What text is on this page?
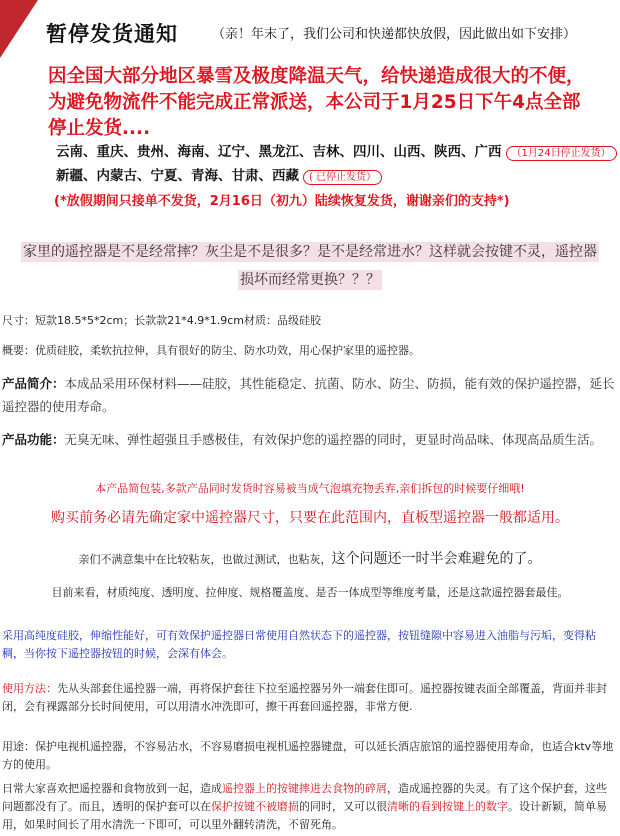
暂停发货通知	（亲！年末了，我们公司和快递都快放假，因此做出如下安排）
因全国大部分地区暴雪及极度降温天气，给快递造成很大的不便，为避免物流件不能完成正常派送，本公司于1月25日下午4点全部停止发货....
云南、重庆、贵州、海南、辽宁、黑龙江、吉林、四川、山西、陕西、广西 （1月24日停止发货）
新疆、内蒙古、宁夏、青海、甘肃、西藏 ( 已停止发货）
(*放假期间只接单不发货，2月16日（初九）陆续恢复发货，谢谢亲们的支持*)
家里的遥控器是不是经常摔？灰尘是不是很多？是不是经常进水？这样就会按键不灵，遥控器
损坏而经常更换？？？
尺寸：短款18.5*5*2cm；长款款21*4.9*1.9cm材质：品级硅胶
概要：优质硅胶，柔软抗拉伸，具有很好的防尘、防水功效，用心保护家里的遥控器。
产品简介：本成品采用环保材料——硅胶，其性能稳定、抗菌、防水、防尘、防损，能有效的保护遥控器，延长遥控器的使用寿命。
产品功能：无臭无味、弹性超强且手感极佳，有效保护您的遥控器的同时，更显时尚品味、体现高品质生活。
本产品简包装,多款产品同时发货时容易被当成气泡填充物丢弃,亲们拆包的时候要仔细哦!
购买前务必请先确定家中遥控器尺寸，只要在此范围内，直板型遥控器一般都适用。
亲们不满意集中在比较粘灰，也做过测试，也粘灰，这个问题还一时半会难避免的了。
目前来看，材质纯度、透明度、拉伸度、规格覆盖度、是否一体成型等维度考量，还是这款遥控器套最佳。
采用高纯度硅胶，伸缩性能好，可有效保护遥控器日常使用自然状态下的遥控器，按钮缝隙中容易进入油脂与污垢，变得粘稠，当你按下遥控器按钮的时候，会深有体会。
使用方法：先从头部套住遥控器一端，再将保护套往下拉至遥控器另外一端套住即可。遥控器按键表面全部覆盖，背面并非封闭，会有裸露部分长时间使用，可以用清水冲洗即可，擦干再套回遥控器，非常方便.
用途：保护电视机遥控器，不容易沾水，不容易磨损电视机遥控器键盘，可以延长酒店旅馆的遥控器使用寿命，也适合ktv等地方的使用。
日常大家喜欢把遥控器和食物放到一起，造成遥控器上的按键摔进去食物的碎屑，造成遥控器的失灵。有了这个保护套，这些问题都没有了。而且，透明的保护套可以在保护按键不被磨损的同时，又可以很清晰的看到按键上的数字。设计新颖，简单易用，如果时间长了用水清洗一下即可，可以里外翻转清洗，不留死角。
